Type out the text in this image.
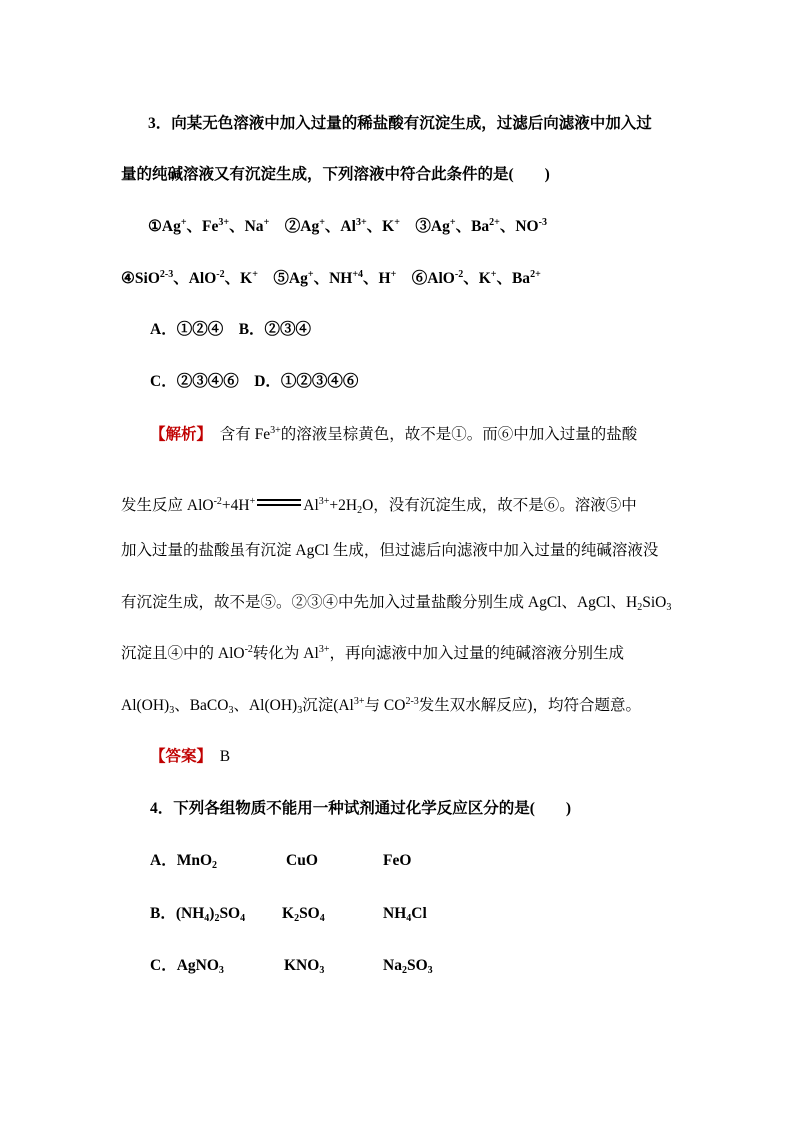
3．向某无色溶液中加入过量的稀盐酸有沉淀生成，过滤后向滤液中加入过
量的纯碱溶液又有沉淀生成，下列溶液中符合此条件的是(　　)
①Ag+、$Fe^{3+}$、Na+　②Ag+、$Al^{3+}$、K+　③Ag+、$Ba^{2+}$、$NO^{-3}$
④SiO$^{2-3}$、AlO$^{-2}$、K+　⑤Ag+、$NH^{+4}$、H+　⑥AlO$^{-2}$、K+、$Ba^{2+}$
A．①②④　B．②③④
C．②③④⑥　D．①②③④⑥
【解析】　含有 $Fe^{3+}$的溶液呈棕黄色，故不是①。而⑥中加入过量的盐酸
发生反应 AlO$^{-2}$+4H+	$Al^{3+}+2H_2O$，没有沉淀生成，故不是⑥。溶液⑤中
加入过量的盐酸虽有沉淀 AgCl 生成，但过滤后向滤液中加入过量的纯碱溶液没
有沉淀生成，故不是⑤。②③④中先加入过量盐酸分别生成 AgCl、AgCl、$H_2SiO_3$
沉淀且④中的 AlO$^{-2}$转化为 $Al^{3+}$，再向滤液中加入过量的纯碱溶液分别生成
$Al(OH)_3$、BaCO$_3$、$Al(OH)_3$沉淀($Al^{3+}$与 CO$^{2-3}$发生双水解反应)，均符合题意。
【答案】　B
4．下列各组物质不能用一种试剂通过化学反应区分的是(　　)
A．MnO$_2$	CuO	FeO
B．$(NH_4)_2SO_4$ $K_2SO_4$	$NH_4Cl$
C．AgNO$_3$	$KNO_3$	$Na_2SO_3$
